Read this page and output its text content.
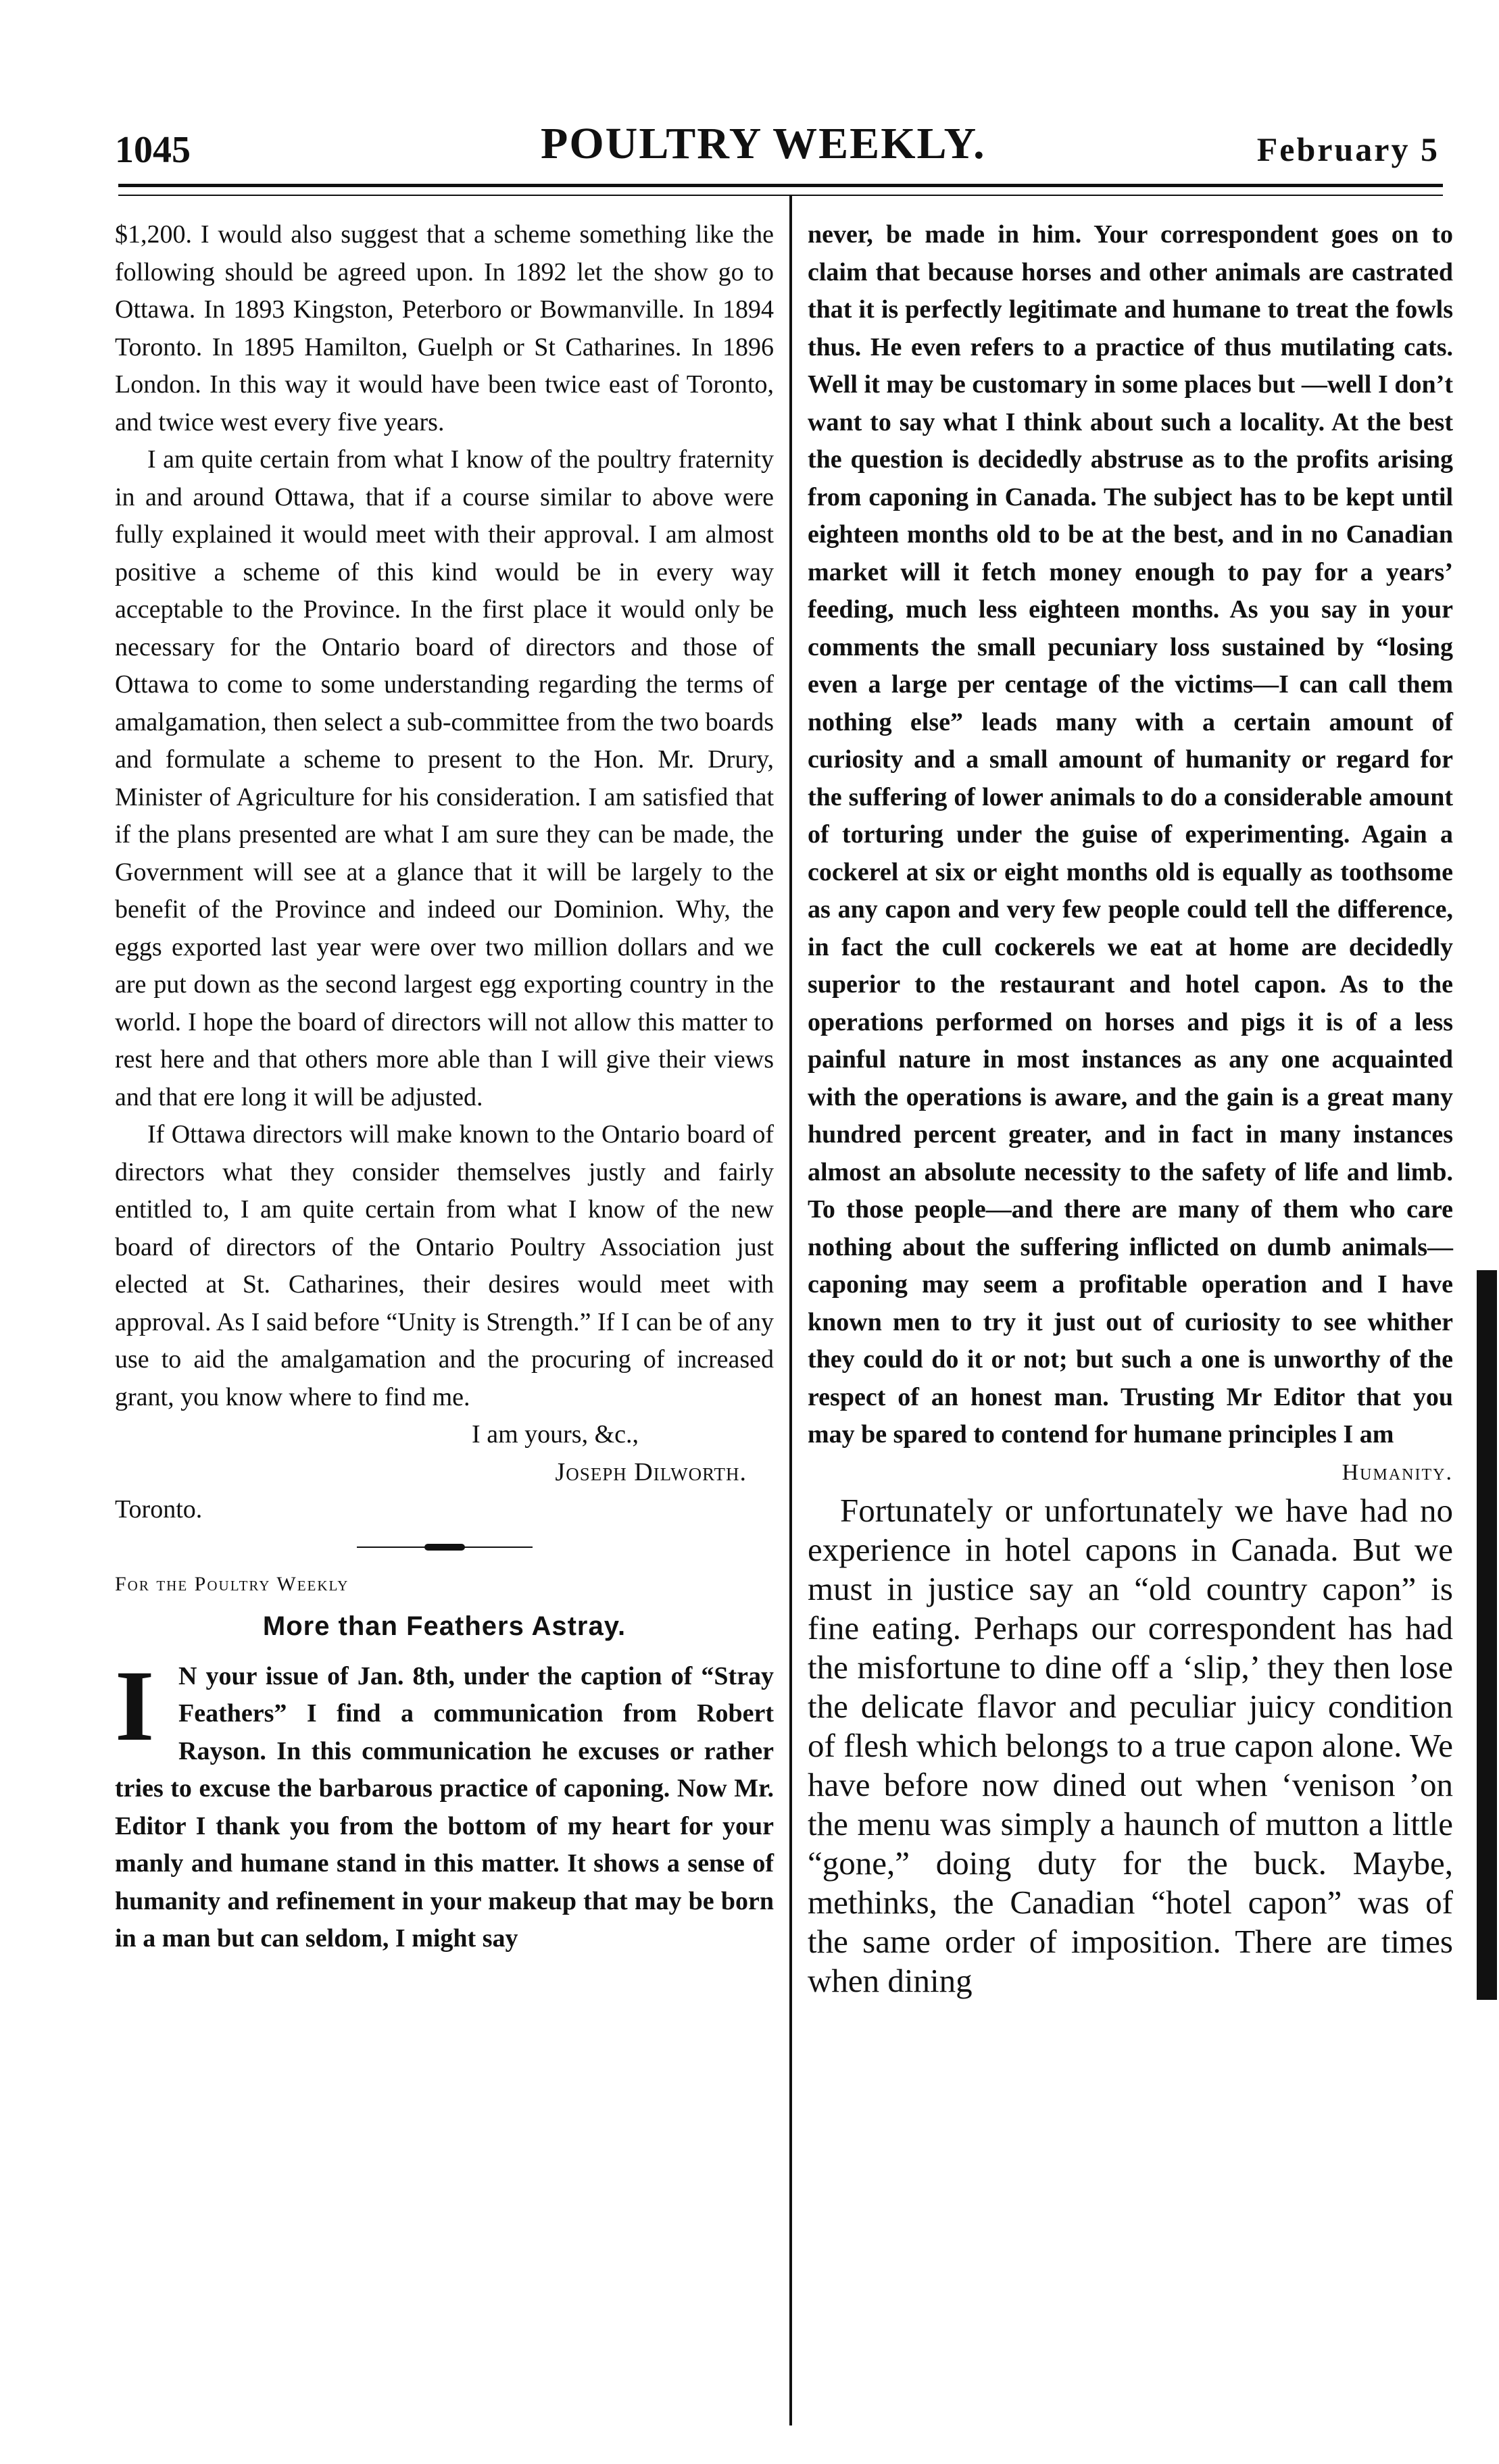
1045	POULTRY WEEKLY.	February 5

$1,200. I would also suggest that a scheme something like the following should be agreed upon. In 1892 let the show go to Ottawa. In 1893 Kingston, Peterboro or Bowmanville. In 1894 Toronto. In 1895 Hamilton, Guelph or St Catharines. In 1896 London. In this way it would have been twice east of Toronto, and twice west every five years.

I am quite certain from what I know of the poultry fraternity in and around Ottawa, that if a course similar to above were fully explained it would meet with their approval. I am almost positive a scheme of this kind would be in every way acceptable to the Province. In the first place it would only be necessary for the Ontario board of directors and those of Ottawa to come to some understanding regarding the terms of amalgamation, then select a sub-committee from the two boards and formulate a scheme to present to the Hon. Mr. Drury, Minister of Agriculture for his consideration. I am satisfied that if the plans presented are what I am sure they can be made, the Government will see at a glance that it will be largely to the benefit of the Province and indeed our Dominion. Why, the eggs exported last year were over two million dollars and we are put down as the second largest egg exporting country in the world. I hope the board of directors will not allow this matter to rest here and that others more able than I will give their views and that ere long it will be adjusted.

If Ottawa directors will make known to the Ontario board of directors what they consider themselves justly and fairly entitled to, I am quite certain from what I know of the new board of directors of the Ontario Poultry Association just elected at St. Catharines, their desires would meet with approval. As I said before “Unity is Strength.” If I can be of any use to aid the amalgamation and the procuring of increased grant, you know where to find me.

I am yours, &c.,

Joseph Dilworth.

Toronto.

For the Poultry Weekly

More than Feathers Astray.

I N your issue of Jan. 8th, under the caption of “Stray Feathers” I find a communication from Robert Rayson. In this communication he excuses or rather tries to excuse the barbarous practice of caponing. Now Mr. Editor I thank you from the bottom of my heart for your manly and humane stand in this matter. It shows a sense of humanity and refinement in your makeup that may be born in a man but can seldom, I might say

never, be made in him. Your correspondent goes on to claim that because horses and other animals are castrated that it is perfectly legitimate and humane to treat the fowls thus. He even refers to a practice of thus mutilating cats. Well it may be customary in some places but —well I don’t want to say what I think about such a locality. At the best the question is decidedly abstruse as to the profits arising from caponing in Canada. The subject has to be kept until eighteen months old to be at the best, and in no Canadian market will it fetch money enough to pay for a years’ feeding, much less eighteen months. As you say in your comments the small pecuniary loss sustained by “losing even a large per centage of the victims—I can call them nothing else” leads many with a certain amount of curiosity and a small amount of humanity or regard for the suffering of lower animals to do a considerable amount of torturing under the guise of experimenting. Again a cockerel at six or eight months old is equally as toothsome as any capon and very few people could tell the difference, in fact the cull cockerels we eat at home are decidedly superior to the restaurant and hotel capon. As to the operations performed on horses and pigs it is of a less painful nature in most instances as any one acquainted with the operations is aware, and the gain is a great many hundred percent greater, and in fact in many instances almost an absolute necessity to the safety of life and limb. To those people—and there are many of them who care nothing about the suffering inflicted on dumb animals—caponing may seem a profitable operation and I have known men to try it just out of curiosity to see whither they could do it or not; but such a one is unworthy of the respect of an honest man. Trusting Mr Editor that you may be spared to contend for humane principles I am

Humanity.

Fortunately or unfortunately we have had no experience in hotel capons in Canada. But we must in justice say an “old country capon” is fine eating. Perhaps our correspondent has had the misfortune to dine off a ‘slip,’ they then lose the delicate flavor and peculiar juicy condition of flesh which belongs to a true capon alone. We have before now dined out when ‘venison ’on the menu was simply a haunch of mutton a little “gone,” doing duty for the buck. Maybe, methinks, the Canadian “hotel capon” was of the same order of imposition. There are times when dining
